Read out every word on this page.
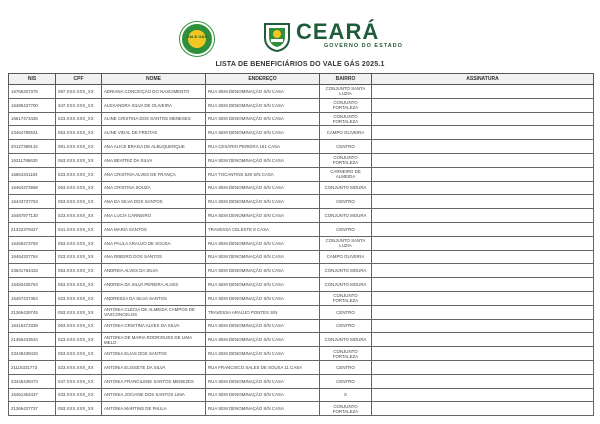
VALE GÁS	CEARÁ
GOVERNO DO ESTADO
LISTA DE BENEFICIÁRIOS DO VALE GÁS 2025.1
NIS	CPF	NOME	ENDEREÇO	BAIRRO	ASSINATURA
16766337375	097.XXX.XXX_XX	ADRIANA CONCEIÇÃO DO NASCIMENTO	RUA SEM DENOMINAÇÃO S/N CASA	CONJUNTO SANTA LUZIA	
16486437700	347.XXX.XXX_XX	ALEXANDRA SILVA DE OLIVEIRA	RUA SEM DENOMINAÇÃO S/N CASA	CONJUNTO FORTALEZA	
16617473436	023.XXX.XXX_XX	ALINE CRISTINA DOS SANTOS MENESES	RUA SEM DENOMINAÇÃO S/N CASA	CONJUNTO FORTALEZA	
23464785531	053.XXX.XXX_XX	ALINE VIDAL DE FREITAS	RUA SEM DENOMINAÇÃO S/N CASA	CAMPO OLIVEIRA	
20127389132	081.XXX.XXX_XX	ANA ALICE BRAGA DE ALBUQUERQUE	RUA CESÁRIO PEREIRA 161 CASA	CENTRO	
16311786630	063.XXX.XXX_XX	ANA BEATRIZ DA SILVA	RUA SEM DENOMINAÇÃO S/N CASA	CONJUNTO FORTALEZA	
16664341184	023.XXX.XXX_XX	ANA CRISTINA ALVES DE FRANÇA	RUA TOCANTINS 529 S/N CASA	CARNEIRO DE ALMEIDA	
16464373968	063.XXX.XXX_XX	ANA CRISTINA SOUZA	RUA SEM DENOMINAÇÃO S/N CASA	CONJUNTO MOURA	
16443737763	053.XXX.XXX_XX	ANA DA SILVA DOS SANTOS	RUA SEM DENOMINAÇÃO S/N CASA	CENTRO	
16487877130	023.XXX.XXX_XX	ANA LUCIA CARNEIRO	RUA SEM DENOMINAÇÃO S/N CASA	CONJUNTO MOURA	
21322379327	041.XXX.XXX_XX	ANA MARIA SANTOS	TRAVESSA CELESTE 8 CASA	CENTRO	
16466373793	053.XXX.XXX_XX	ANA PAULA ARAÚJO DE SOUSA	RUA SEM DENOMINAÇÃO S/N CASA	CONJUNTO SANTA LUZIA	
16464337764	023.XXX.XXX_XX	ANA RIBEIRO DOS SANTOS	RUA SEM DENOMINAÇÃO S/N CASA	CAMPO OLIVEIRA	
23641764433	053.XXX.XXX_XX	ANDREIA ALVES DA SILVA	RUA SEM DENOMINAÇÃO S/N CASA	CONJUNTO MOURA	
16483436763	053.XXX.XXX_XX	ANDREIA DA SILVA PEREIRA ALVES	RUA SEM DENOMINAÇÃO S/N CASA	CONJUNTO MOURA	
16467437364	023.XXX.XXX_XX	ANDRESSA DA SILVA SANTOS	RUA SEM DENOMINAÇÃO S/N CASA	CONJUNTO FORTALEZA	
21366439745	053.XXX.XXX_XX	ANTONIA CLÉCIA DE ALMEIDA CAMPOS DE VASCONCELOS	TRAVESSA ARAÚJO PONTES S/N	CENTRO	
16416473339	063.XXX.XXX_XX	ANTONIA CRISTINA ALVES DA SILVA	RUA SEM DENOMINAÇÃO S/N CASA	CENTRO	
21366433634	023.XXX.XXX_XX	ANTONIA DE MARIA RODRIGUES DE LIMA MELO	RUA SEM DENOMINAÇÃO S/N CASA	CONJUNTO MOURA	
23448439433	053.XXX.XXX_XX	ANTONIA ELIAS DOS SANTOS	RUA SEM DENOMINAÇÃO S/N CASA	CONJUNTO FORTALEZA	
21116331773	023.XXX.XXX_XX	ANTONIA ELISSETE DA SILVA	RUA FRANCISCO SALES DE SOUSA 11 CASA	CENTRO	
23446439473	047.XXX.XXX_XX	ANTONIA FRANCILENE SANTOS MENEZES	RUA SEM DENOMINAÇÃO S/N CASA	CENTRO	
16461363437	033.XXX.XXX_XX	ANTONIA JOCIANE DOS SANTOS LIMA	RUA SEM DENOMINAÇÃO S/N CASA	S	
21366437737	053.XXX.XXX_XX	ANTONIA MARTINS DE PAULA	RUA SEM DENOMINAÇÃO S/N CASA	CONJUNTO FORTALEZA	
